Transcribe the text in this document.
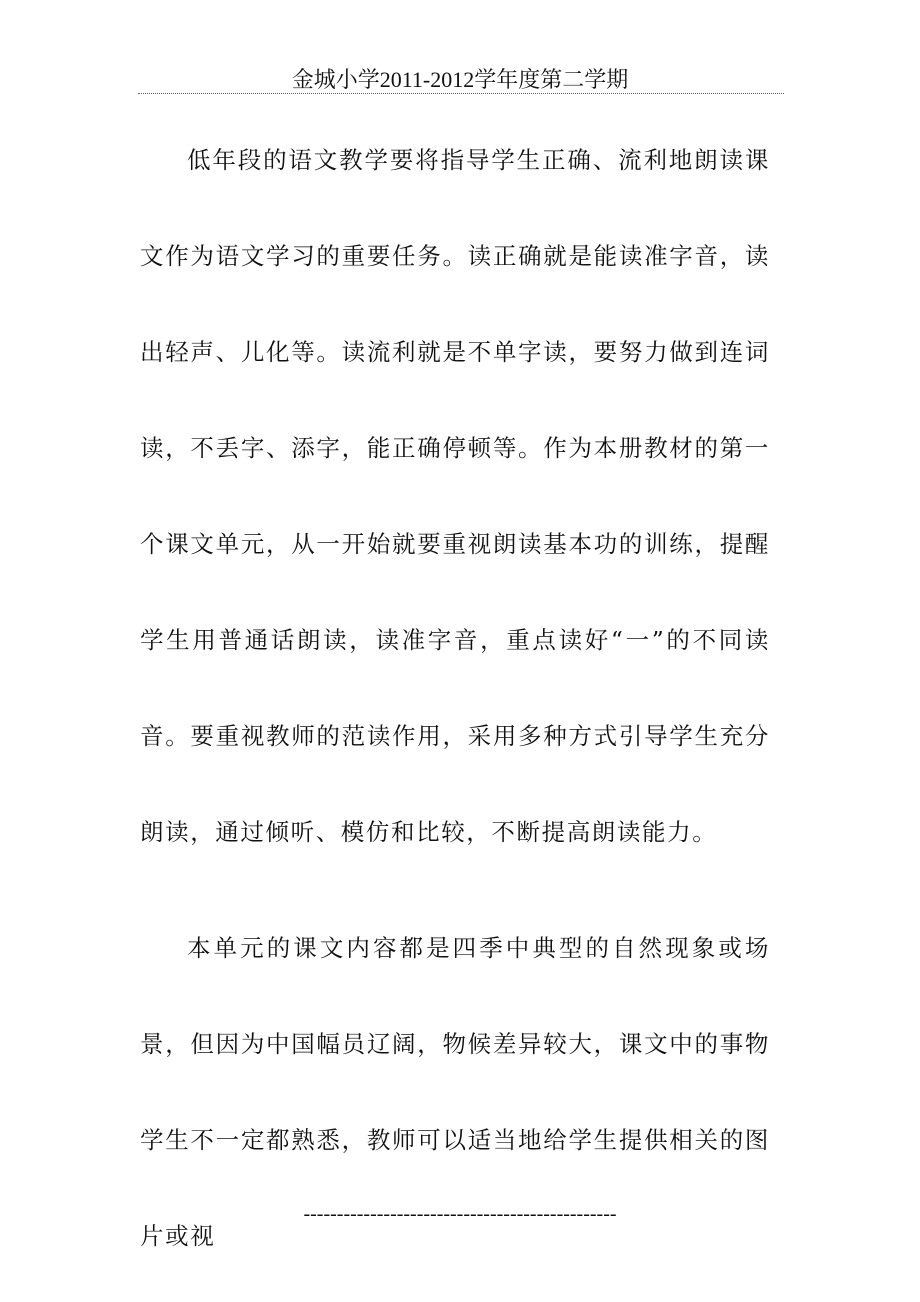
金城小学2011-2012学年度第二学期

低年段的语文教学要将指导学生正确、流利地朗读课文作为语文学习的重要任务。读正确就是能读准字音，读出轻声、儿化等。读流利就是不单字读，要努力做到连词读，不丢字、添字，能正确停顿等。作为本册教材的第一个课文单元，从一开始就要重视朗读基本功的训练，提醒学生用普通话朗读，读准字音，重点读好“一”的不同读音。要重视教师的范读作用，采用多种方式引导学生充分朗读，通过倾听、模仿和比较，不断提高朗读能力。

本单元的课文内容都是四季中典型的自然现象或场景，但因为中国幅员辽阔，物候差异较大，课文中的事物学生不一定都熟悉，教师可以适当地给学生提供相关的图片或视

-----------------------------------------------
